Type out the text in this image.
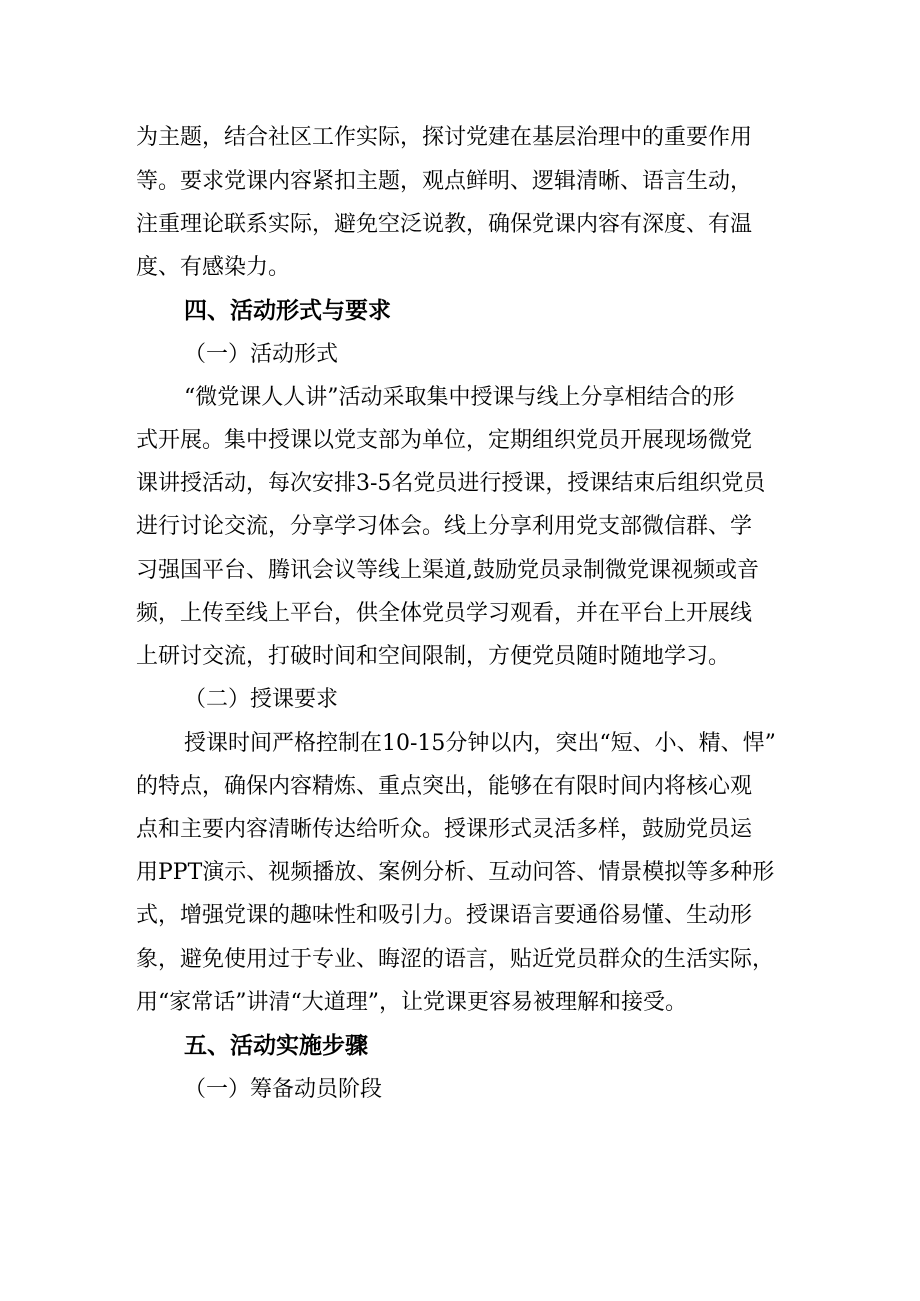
为主题，结合社区工作实际，探讨党建在基层治理中的重要作用
等。要求党课内容紧扣主题，观点鲜明、逻辑清晰、语言生动，
注重理论联系实际，避免空泛说教，确保党课内容有深度、有温
度、有感染力。
四、活动形式与要求
（一）活动形式
“微党课人人讲”活动采取集中授课与线上分享相结合的形
式开展。集中授课以党支部为单位，定期组织党员开展现场微党
课讲授活动，每次安排3-5名党员进行授课，授课结束后组织党员
进行讨论交流，分享学习体会。线上分享利用党支部微信群、学
习强国平台、腾讯会议等线上渠道,鼓励党员录制微党课视频或音
频，上传至线上平台，供全体党员学习观看，并在平台上开展线
上研讨交流，打破时间和空间限制，方便党员随时随地学习。
（二）授课要求
授课时间严格控制在10-15分钟以内，突出“短、小、精、悍”
的特点，确保内容精炼、重点突出，能够在有限时间内将核心观
点和主要内容清晰传达给听众。授课形式灵活多样，鼓励党员运
用PPT演示、视频播放、案例分析、互动问答、情景模拟等多种形
式，增强党课的趣味性和吸引力。授课语言要通俗易懂、生动形
象，避免使用过于专业、晦涩的语言，贴近党员群众的生活实际，
用“家常话”讲清“大道理”，让党课更容易被理解和接受。
五、活动实施步骤
（一）筹备动员阶段
